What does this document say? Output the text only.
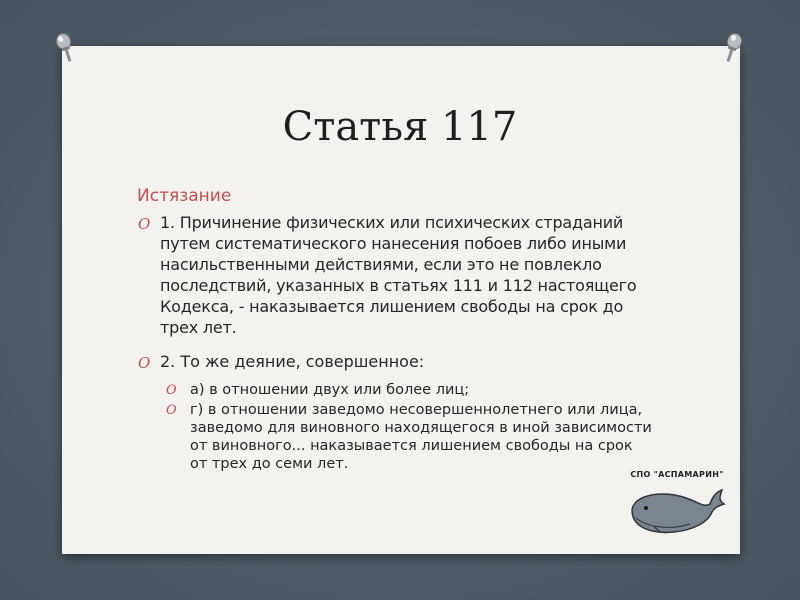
Статья 117
Истязание
O 1. Причинение физических или психических страданий путем систематического нанесения побоев либо иными насильственными действиями, если это не повлекло последствий, указанных в статьях 111 и 112 настоящего Кодекса, - наказывается лишением свободы на срок до трех лет.
O 2. То же деяние, совершенное:
O а) в отношении двух или более лиц;
O г) в отношении заведомо несовершеннолетнего или лица, заведомо для виновного находящегося в иной зависимости от виновного... наказывается лишением свободы на срок от трех до семи лет.
СПО "АСПАМАРИН"
